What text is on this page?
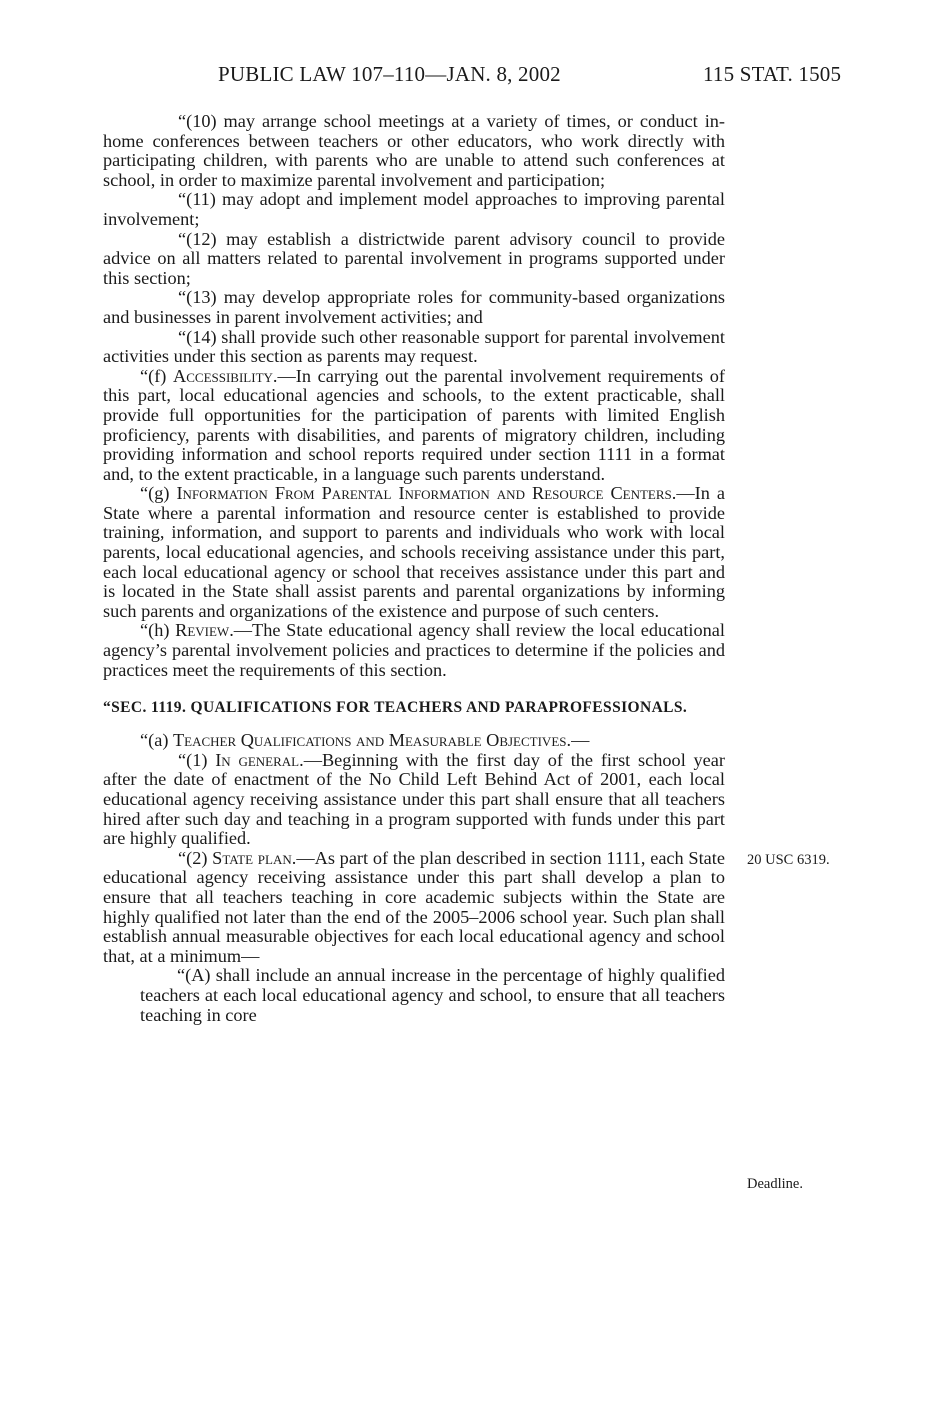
PUBLIC LAW 107–110—JAN. 8, 2002	115 STAT. 1505

“(10) may arrange school meetings at a variety of times, or conduct in-home conferences between teachers or other educators, who work directly with participating children, with parents who are unable to attend such conferences at school, in order to maximize parental involvement and participation;

“(11) may adopt and implement model approaches to improving parental involvement;

“(12) may establish a districtwide parent advisory council to provide advice on all matters related to parental involvement in programs supported under this section;

“(13) may develop appropriate roles for community-based organizations and businesses in parent involvement activities; and

“(14) shall provide such other reasonable support for parental involvement activities under this section as parents may request.

“(f) Accessibility.—In carrying out the parental involvement requirements of this part, local educational agencies and schools, to the extent practicable, shall provide full opportunities for the participation of parents with limited English proficiency, parents with disabilities, and parents of migratory children, including providing information and school reports required under section 1111 in a format and, to the extent practicable, in a language such parents understand.

“(g) Information From Parental Information and Resource Centers.—In a State where a parental information and resource center is established to provide training, information, and support to parents and individuals who work with local parents, local educational agencies, and schools receiving assistance under this part, each local educational agency or school that receives assistance under this part and is located in the State shall assist parents and parental organizations by informing such parents and organizations of the existence and purpose of such centers.

“(h) Review.—The State educational agency shall review the local educational agency’s parental involvement policies and practices to determine if the policies and practices meet the requirements of this section.

“SEC. 1119. QUALIFICATIONS FOR TEACHERS AND PARAPROFESSIONALS.

“(a) Teacher Qualifications and Measurable Objectives.—

“(1) In general.—Beginning with the first day of the first school year after the date of enactment of the No Child Left Behind Act of 2001, each local educational agency receiving assistance under this part shall ensure that all teachers hired after such day and teaching in a program supported with funds under this part are highly qualified.

“(2) State plan.—As part of the plan described in section 1111, each State educational agency receiving assistance under this part shall develop a plan to ensure that all teachers teaching in core academic subjects within the State are highly qualified not later than the end of the 2005–2006 school year. Such plan shall establish annual measurable objectives for each local educational agency and school that, at a minimum—

“(A) shall include an annual increase in the percentage of highly qualified teachers at each local educational agency and school, to ensure that all teachers teaching in core

20 USC 6319.
Deadline.
